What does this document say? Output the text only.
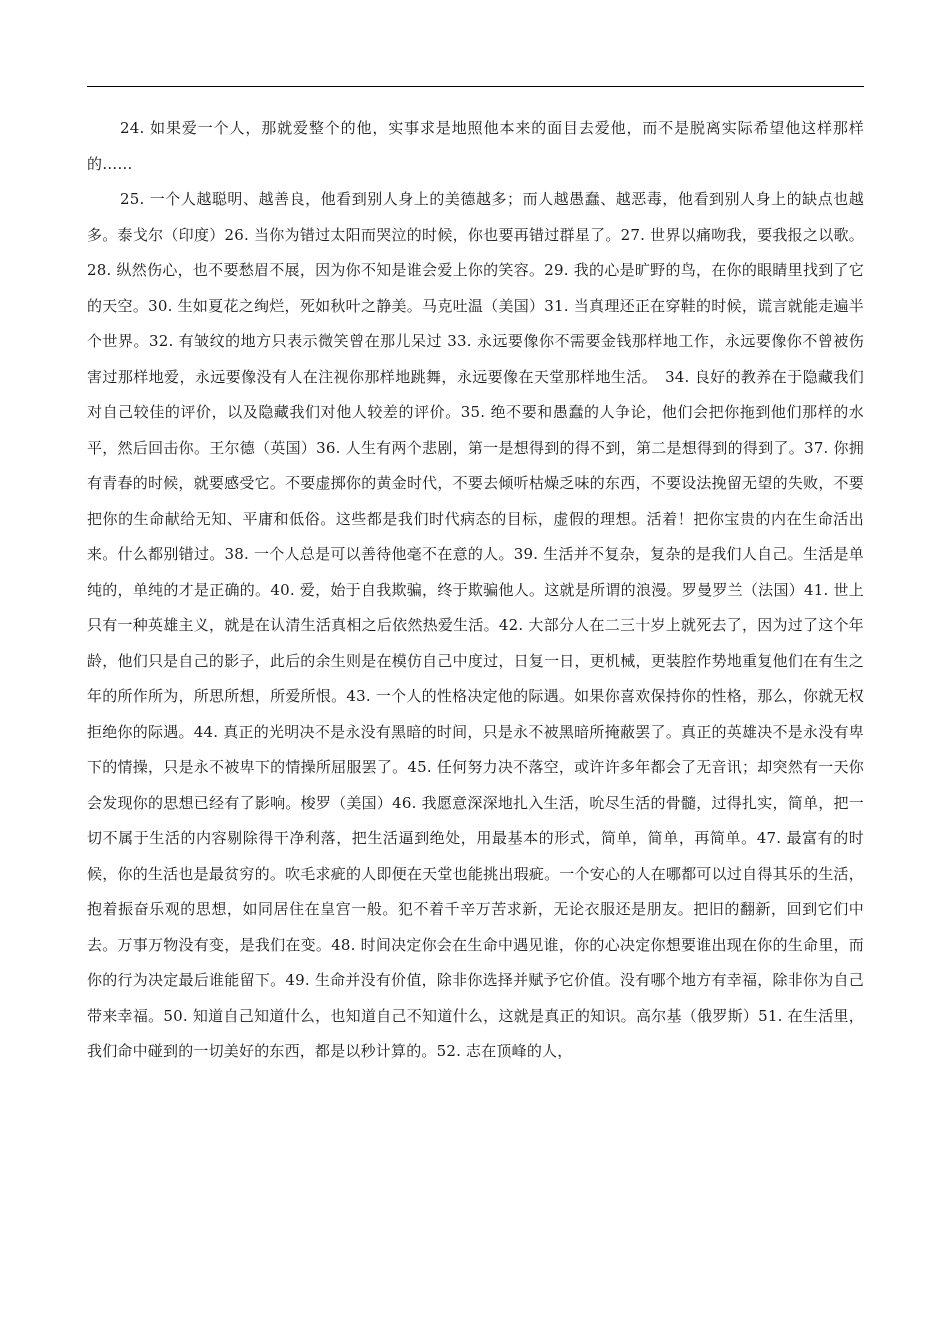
24. 如果爱一个人，那就爱整个的他，实事求是地照他本来的面目去爱他，而不是脱离实际希望他这样那样的……

25. 一个人越聪明、越善良，他看到别人身上的美德越多；而人越愚蠢、越恶毒，他看到别人身上的缺点也越多。泰戈尔（印度）26. 当你为错过太阳而哭泣的时候，你也要再错过群星了。27. 世界以痛吻我，要我报之以歌。28. 纵然伤心，也不要愁眉不展，因为你不知是谁会爱上你的笑容。29. 我的心是旷野的鸟，在你的眼睛里找到了它的天空。30. 生如夏花之绚烂，死如秋叶之静美。马克吐温（美国）31. 当真理还正在穿鞋的时候，谎言就能走遍半个世界。32. 有皱纹的地方只表示微笑曾在那儿呆过 33. 永远要像你不需要金钱那样地工作，永远要像你不曾被伤害过那样地爱，永远要像没有人在注视你那样地跳舞，永远要像在天堂那样地生活。　34. 良好的教养在于隐藏我们对自己较佳的评价，以及隐藏我们对他人较差的评价。35. 绝不要和愚蠢的人争论，他们会把你拖到他们那样的水平，然后回击你。王尔德（英国）36. 人生有两个悲剧，第一是想得到的得不到，第二是想得到的得到了。37. 你拥有青春的时候，就要感受它。不要虚掷你的黄金时代，不要去倾听枯燥乏味的东西，不要设法挽留无望的失败，不要把你的生命献给无知、平庸和低俗。这些都是我们时代病态的目标，虚假的理想。活着！把你宝贵的内在生命活出来。什么都别错过。38. 一个人总是可以善待他毫不在意的人。39. 生活并不复杂，复杂的是我们人自己。生活是单纯的，单纯的才是正确的。40. 爱，始于自我欺骗，终于欺骗他人。这就是所谓的浪漫。罗曼罗兰（法国）41. 世上只有一种英雄主义，就是在认清生活真相之后依然热爱生活。42. 大部分人在二三十岁上就死去了，因为过了这个年龄，他们只是自己的影子，此后的余生则是在模仿自己中度过，日复一日，更机械，更装腔作势地重复他们在有生之年的所作所为，所思所想，所爱所恨。43. 一个人的性格决定他的际遇。如果你喜欢保持你的性格，那么，你就无权拒绝你的际遇。44. 真正的光明决不是永没有黑暗的时间，只是永不被黑暗所掩蔽罢了。真正的英雄决不是永没有卑下的情操，只是永不被卑下的情操所屈服罢了。45. 任何努力决不落空，或许许多年都会了无音讯；却突然有一天你会发现你的思想已经有了影响。梭罗（美国）46. 我愿意深深地扎入生活，吮尽生活的骨髓，过得扎实，简单，把一切不属于生活的内容剔除得干净利落，把生活逼到绝处，用最基本的形式，简单，简单，再简单。47. 最富有的时候，你的生活也是最贫穷的。吹毛求疵的人即便在天堂也能挑出瑕疵。一个安心的人在哪都可以过自得其乐的生活，抱着振奋乐观的思想，如同居住在皇宫一般。犯不着千辛万苦求新，无论衣服还是朋友。把旧的翻新，回到它们中去。万事万物没有变，是我们在变。48. 时间决定你会在生命中遇见谁，你的心决定你想要谁出现在你的生命里，而你的行为决定最后谁能留下。49. 生命并没有价值，除非你选择并赋予它价值。没有哪个地方有幸福，除非你为自己带来幸福。50. 知道自己知道什么，也知道自己不知道什么，这就是真正的知识。高尔基（俄罗斯）51. 在生活里，我们命中碰到的一切美好的东西，都是以秒计算的。52. 志在顶峰的人，
